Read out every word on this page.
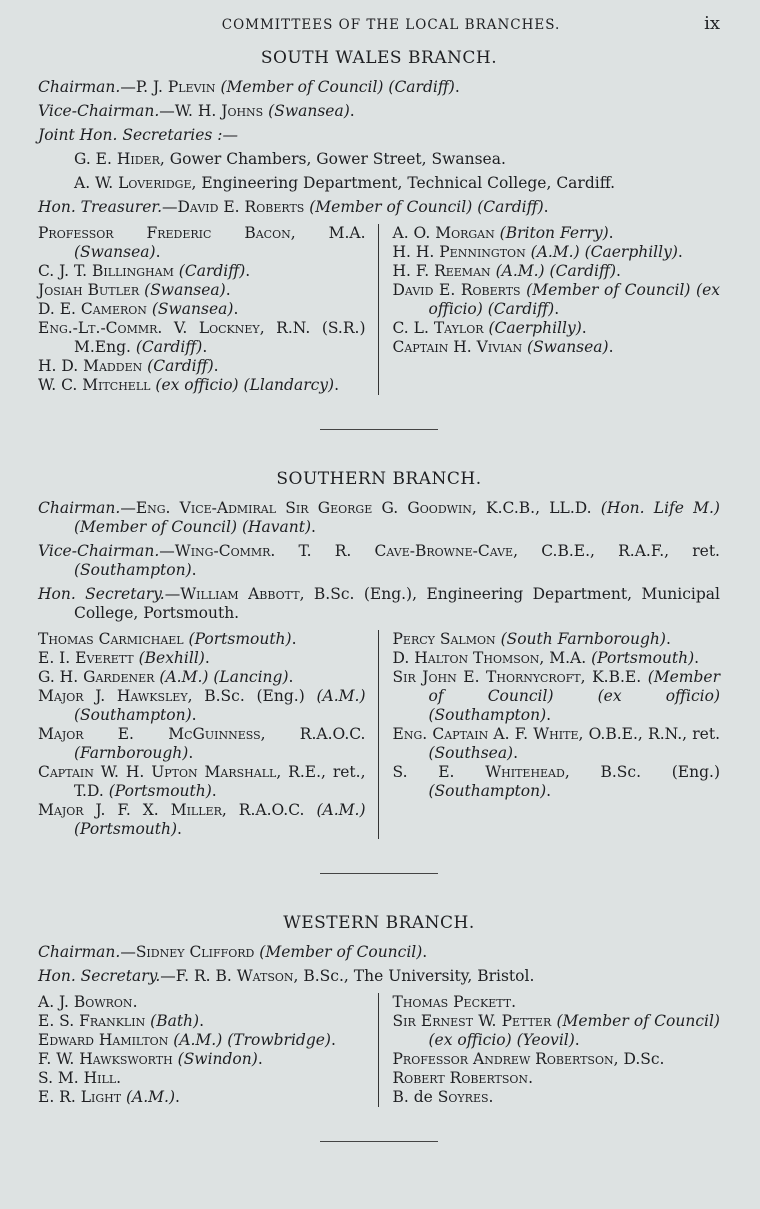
COMMITTEES OF THE LOCAL BRANCHES.	ix
SOUTH WALES BRANCH.

Chairman.—P. J. Plevin (Member of Council) (Cardiff).

Vice-Chairman.—W. H. Johns (Swansea).

Joint Hon. Secretaries :—

G. E. Hider, Gower Chambers, Gower Street, Swansea.

A. W. Loveridge, Engineering Department, Technical College, Cardiff.

Hon. Treasurer.—David E. Roberts (Member of Council) (Cardiff).

Professor Frederic Bacon, M.A. (Swansea).

C. J. T. Billingham (Cardiff).

Josiah Butler (Swansea).

D. E. Cameron (Swansea).

Eng.-Lt.-Commr. V. Lockney, R.N. (S.R.) M.Eng. (Cardiff).

H. D. Madden (Cardiff).

W. C. Mitchell (ex officio) (Llandarcy).

A. O. Morgan (Briton Ferry).

H. H. Pennington (A.M.) (Caerphilly).

H. F. Reeman (A.M.) (Cardiff).

David E. Roberts (Member of Council) (ex officio) (Cardiff).

C. L. Taylor (Caerphilly).

Captain H. Vivian (Swansea).

SOUTHERN BRANCH.

Chairman.—Eng. Vice-Admiral Sir George G. Goodwin, K.C.B., LL.D. (Hon. Life M.) (Member of Council) (Havant).

Vice-Chairman.—Wing-Commr. T. R. Cave-Browne-Cave, C.B.E., R.A.F., ret. (Southampton).

Hon. Secretary.—William Abbott, B.Sc. (Eng.), Engineering Department, Municipal College, Portsmouth.

Thomas Carmichael (Portsmouth).

E. I. Everett (Bexhill).

G. H. Gardener (A.M.) (Lancing).

Major J. Hawksley, B.Sc. (Eng.) (A.M.) (Southampton).

Major E. McGuinness, R.A.O.C. (Farnborough).

Captain W. H. Upton Marshall, R.E., ret., T.D. (Portsmouth).

Major J. F. X. Miller, R.A.O.C. (A.M.) (Portsmouth).

Percy Salmon (South Farnborough).

D. Halton Thomson, M.A. (Portsmouth).

Sir John E. Thornycroft, K.B.E. (Member of Council)	(ex officio) (Southampton).

Eng. Captain A. F. White, O.B.E., R.N., ret. (Southsea).

S. E. Whitehead, B.Sc. (Eng.) (Southampton).

WESTERN BRANCH.

Chairman.—Sidney Clifford (Member of Council).

Hon. Secretary.—F. R. B. Watson, B.Sc., The University, Bristol.

A. J. Bowron.

E. S. Franklin (Bath).

Edward Hamilton (A.M.) (Trowbridge).

F. W. Hawksworth (Swindon).

S. M. Hill.

E. R. Light (A.M.).

Thomas Peckett.

Sir Ernest W. Petter (Member of Council) (ex officio) (Yeovil).

Professor Andrew Robertson, D.Sc.

Robert Robertson.

B. de Soyres.
